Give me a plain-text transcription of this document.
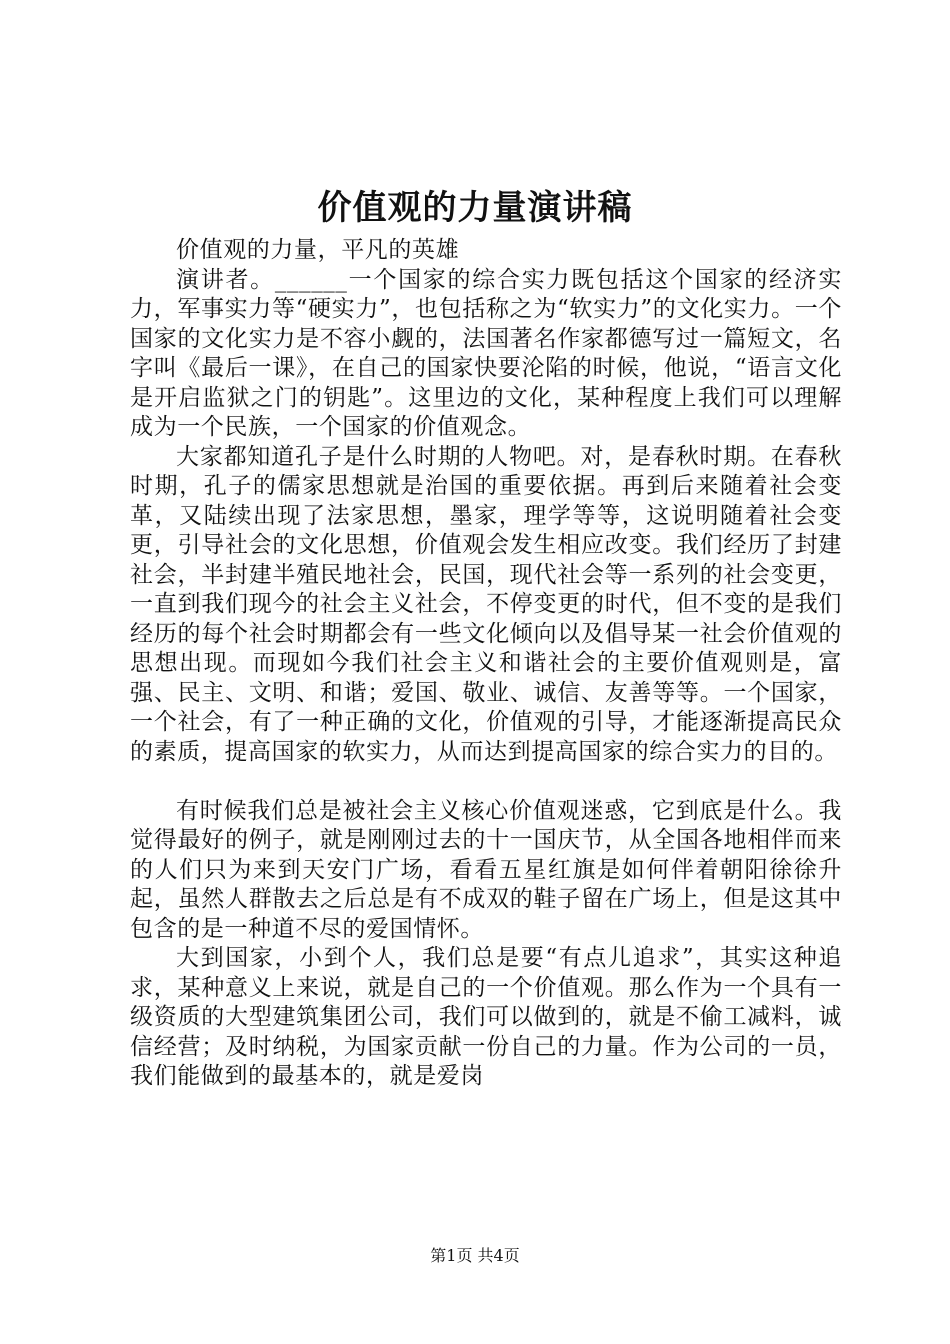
价值观的力量演讲稿

价值观的力量，平凡的英雄

演讲者。______一个国家的综合实力既包括这个国家的经济实力，军事实力等“硬实力”，也包括称之为“软实力”的文化实力。一个国家的文化实力是不容小觑的，法国著名作家都德写过一篇短文，名字叫《最后一课》，在自己的国家快要沦陷的时候，他说，“语言文化是开启监狱之门的钥匙”。这里边的文化，某种程度上我们可以理解成为一个民族，一个国家的价值观念。

大家都知道孔子是什么时期的人物吧。对，是春秋时期。在春秋时期，孔子的儒家思想就是治国的重要依据。再到后来随着社会变革，又陆续出现了法家思想，墨家，理学等等，这说明随着社会变更，引导社会的文化思想，价值观会发生相应改变。我们经历了封建社会，半封建半殖民地社会，民国，现代社会等一系列的社会变更，一直到我们现今的社会主义社会，不停变更的时代，但不变的是我们经历的每个社会时期都会有一些文化倾向以及倡导某一社会价值观的思想出现。而现如今我们社会主义和谐社会的主要价值观则是，富强、民主、文明、和谐；爱国、敬业、诚信、友善等等。一个国家，一个社会，有了一种正确的文化，价值观的引导，才能逐渐提高民众的素质，提高国家的软实力，从而达到提高国家的综合实力的目的。

有时候我们总是被社会主义核心价值观迷惑，它到底是什么。我觉得最好的例子，就是刚刚过去的十一国庆节，从全国各地相伴而来的人们只为来到天安门广场，看看五星红旗是如何伴着朝阳徐徐升起，虽然人群散去之后总是有不成双的鞋子留在广场上，但是这其中包含的是一种道不尽的爱国情怀。

大到国家，小到个人，我们总是要“有点儿追求”，其实这种追求，某种意义上来说，就是自己的一个价值观。那么作为一个具有一级资质的大型建筑集团公司，我们可以做到的，就是不偷工减料，诚信经营；及时纳税，为国家贡献一份自己的力量。作为公司的一员，我们能做到的最基本的，就是爱岗

第1页 共4页
